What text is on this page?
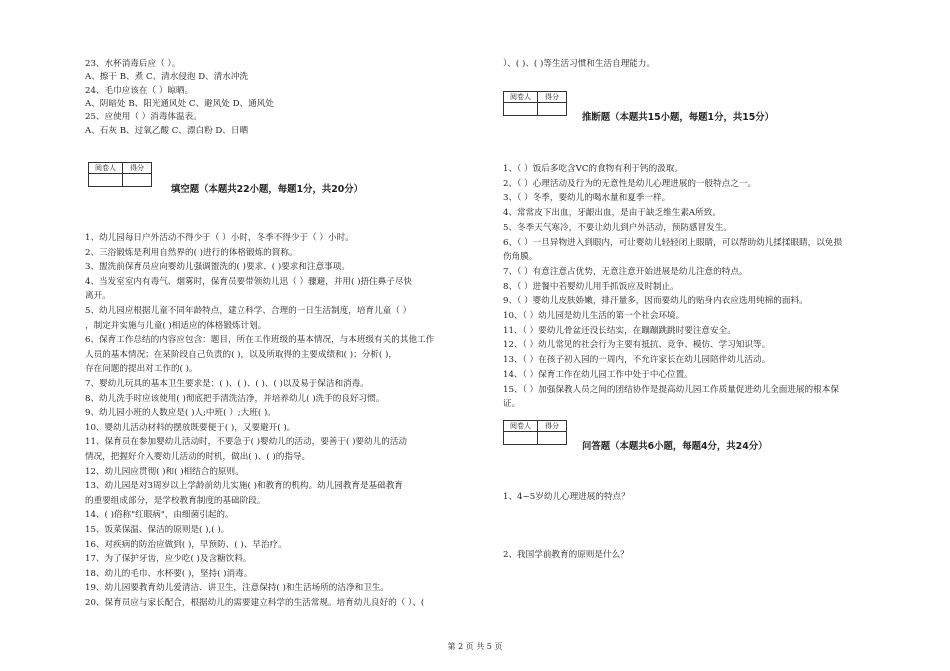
23、水杯消毒后应（ ）。
A、擦干 B、煮 C、清水侵泡 D、清水冲洗
24、毛巾应该在（ ）晾晒。
A、阴暗处 B、阳光通风处 C、避风处 D、通风处
25、应使用（ ）消毒体温表。
A、石灰 B、过氧乙酸 C、漂白粉 D、日晒
阅卷人	得分
填空题（本题共22小题，每题1分，共20分）
1、幼儿园每日户外活动不得少于（ ）小时，冬季不得少于（ ）小时。
2、三浴锻炼是利用自然界的( )进行的体格锻炼的简称。
3、盥洗前保育员应向婴幼儿强调盥洗的( )要求、( )要求和注意事项。
4、当发室室内有毒气、烟雾时，保育员要带领幼儿迅（ ）骤避，并用( )捂住鼻子尽快
离开。
5、幼儿园应根据儿童不同年龄特点，建立科学、合理的一日生活制度，培育儿童（ ）
，制定并实施与儿童( )相适应的体格锻炼计划。
6、保育工作总结的内容应包含：题目，所在工作班级的基本情况，与本班级有关的其他工作
人员的基本情况；在某阶段自己负责的( )，以及所取得的主要成绩和( )；分析( )，
存在问题的提出对工作的( )。
7、婴幼儿玩具的基本卫生要求是：( )、( )、( )、( )以及易于保洁和消毒。
8、幼儿洗手时应该使用( )彻底把手清洗洁净，并培养幼儿( )洗手的良好习惯。
9、幼儿园小班的人数应是( )人;中班( ）;大班( )。
10、婴幼儿活动材料的摆放既要便于( )，又要避开( )。
11、保育员在参加婴幼儿活动时，不要急于( )婴幼儿的活动，要善于( )要幼儿的活动
情况，把握好介入婴幼儿活动的时机，做出( )、( )的指导。
12、幼儿园应贯彻( )和( )相结合的原则。
13、幼儿园是对3周岁以上学龄前幼儿实施( )和教育的机构。幼儿园教育是基础教育
的重要组成部分，是学校教育制度的基础阶段。
14、( )俗称"红眼病"，由细菌引起的。
15、饭菜保温、保洁的原则是( ),( )。
16、对疾病的防治应做到( )，早预防、( )、早治疗。
17、为了保护牙齿，应少吃( )及含糖饮料。
18、幼儿的毛巾、水杯要( )，坚持( )消毒。
19、幼儿园要教育幼儿爱清洁、讲卫生，注意保持( )和生活场所的洁净和卫生。
20、保育员应与家长配合，根据幼儿的需要建立科学的生活常规。培育幼儿良好的（ ）、(
）、( )、( )等生活习惯和生活自理能力。
阅卷人	得分
推断题（本题共15小题，每题1分，共15分）
1、（ ）饭后多吃含VC的食物有利于钙的汲取。
2、（ ）心理活动及行为的无意性是幼儿心理进展的一般特点之一。
3、（ ）冬季，要幼儿的喝水量和夏季一样。
4、常常皮下出血，牙龈出血，是由于缺乏维生素A所致。
5、冬季天气寒冷，不要让幼儿到户外活动，预防感冒发生。
6、（ ）一旦异物进入到眼内，可让婴幼儿轻轻闭上眼睛，可以帮助幼儿揉揉眼睛，以免损
伤角膜。
7、（ ）有意注意占优势，无意注意开始进展是幼儿注意的特点。
8、（ ）进餐中若婴幼儿用手抓饭应及时制止。
9、（ ）婴幼儿皮肤娇嫩，排汗量多，因而要幼儿的贴身内衣应选用纯棉的面料。
10、（ ）幼儿园是幼儿生活的第一个社会环境。
11、（ ）要幼儿骨盆还没长结实，在蹦蹦跳跳时要注意安全。
12、（ ）幼儿常见的社会行为主要有抵抗、竞争、模仿、学习知识等。
13、（ ）在孩子初入园的一周内，不允许家长在幼儿园陪伴幼儿活动。
14、（ ）保育工作在幼儿园工作中处于中心位置。
15、（ ）加强保教人员之间的团结协作是提高幼儿园工作质量促进幼儿全面进展的根本保
证。
阅卷人	得分
问答题（本题共6小题，每题4分，共24分）
1、4~5岁幼儿心理进展的特点？
2、我国学前教育的原则是什么？
第 2 页 共 5 页
